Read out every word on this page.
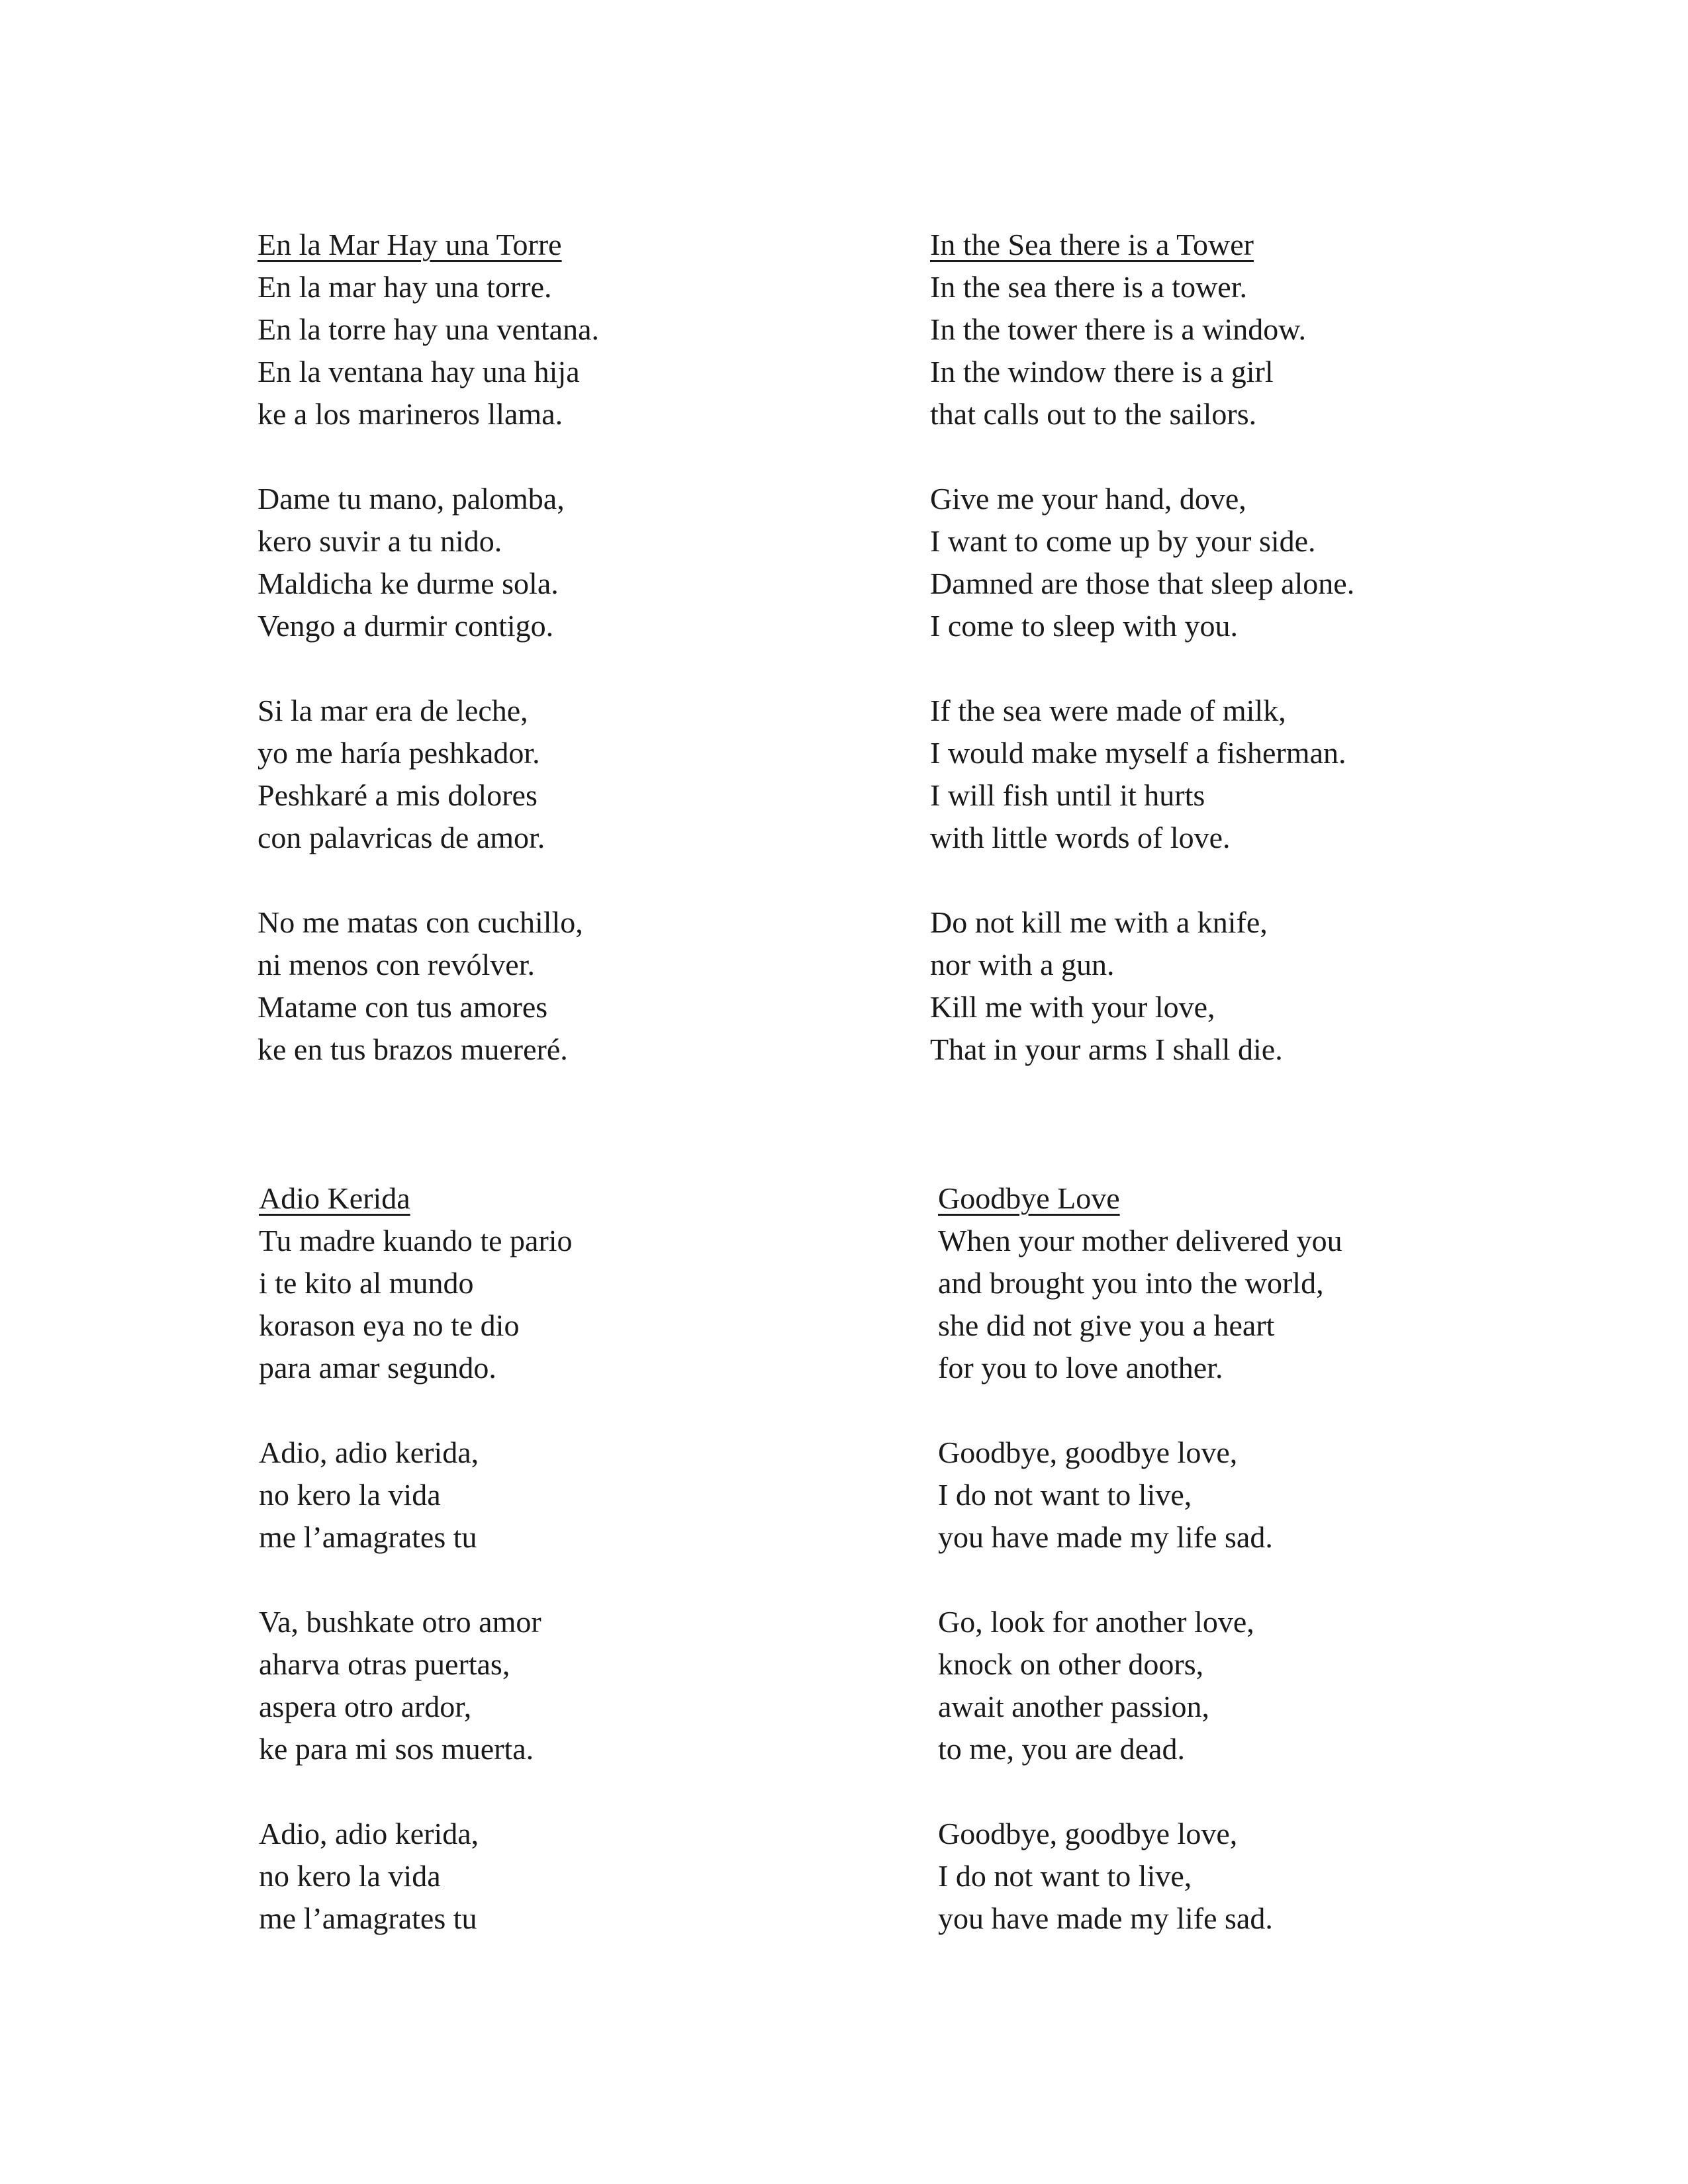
En la Mar Hay una Torre
En la mar hay una torre.
En la torre hay una ventana.
En la ventana hay una hija
ke a los marineros llama.
Dame tu mano, palomba,
kero suvir a tu nido.
Maldicha ke durme sola.
Vengo a durmir contigo.
Si la mar era de leche,
yo me haría peshkador.
Peshkaré a mis dolores
con palavricas de amor.
No me matas con cuchillo,
ni menos con revólver.
Matame con tus amores
ke en tus brazos muereré.
In the Sea there is a Tower
In the sea there is a tower.
In the tower there is a window.
In the window there is a girl
that calls out to the sailors.
Give me your hand, dove,
I want to come up by your side.
Damned are those that sleep alone.
I come to sleep with you.
If the sea were made of milk,
I would make myself a fisherman.
I will fish until it hurts
with little words of love.
Do not kill me with a knife,
nor with a gun.
Kill me with your love,
That in your arms I shall die.
Adio Kerida
Tu madre kuando te pario
i te kito al mundo
korason eya no te dio
para amar segundo.
Adio, adio kerida,
no kero la vida
me l’amagrates tu
Va, bushkate otro amor
aharva otras puertas,
aspera otro ardor,
ke para mi sos muerta.
Adio, adio kerida,
no kero la vida
me l’amagrates tu
Goodbye Love
When your mother delivered you
and brought you into the world,
she did not give you a heart
for you to love another.
Goodbye, goodbye love,
I do not want to live,
you have made my life sad.
Go, look for another love,
knock on other doors,
await another passion,
to me, you are dead.
Goodbye, goodbye love,
I do not want to live,
you have made my life sad.
